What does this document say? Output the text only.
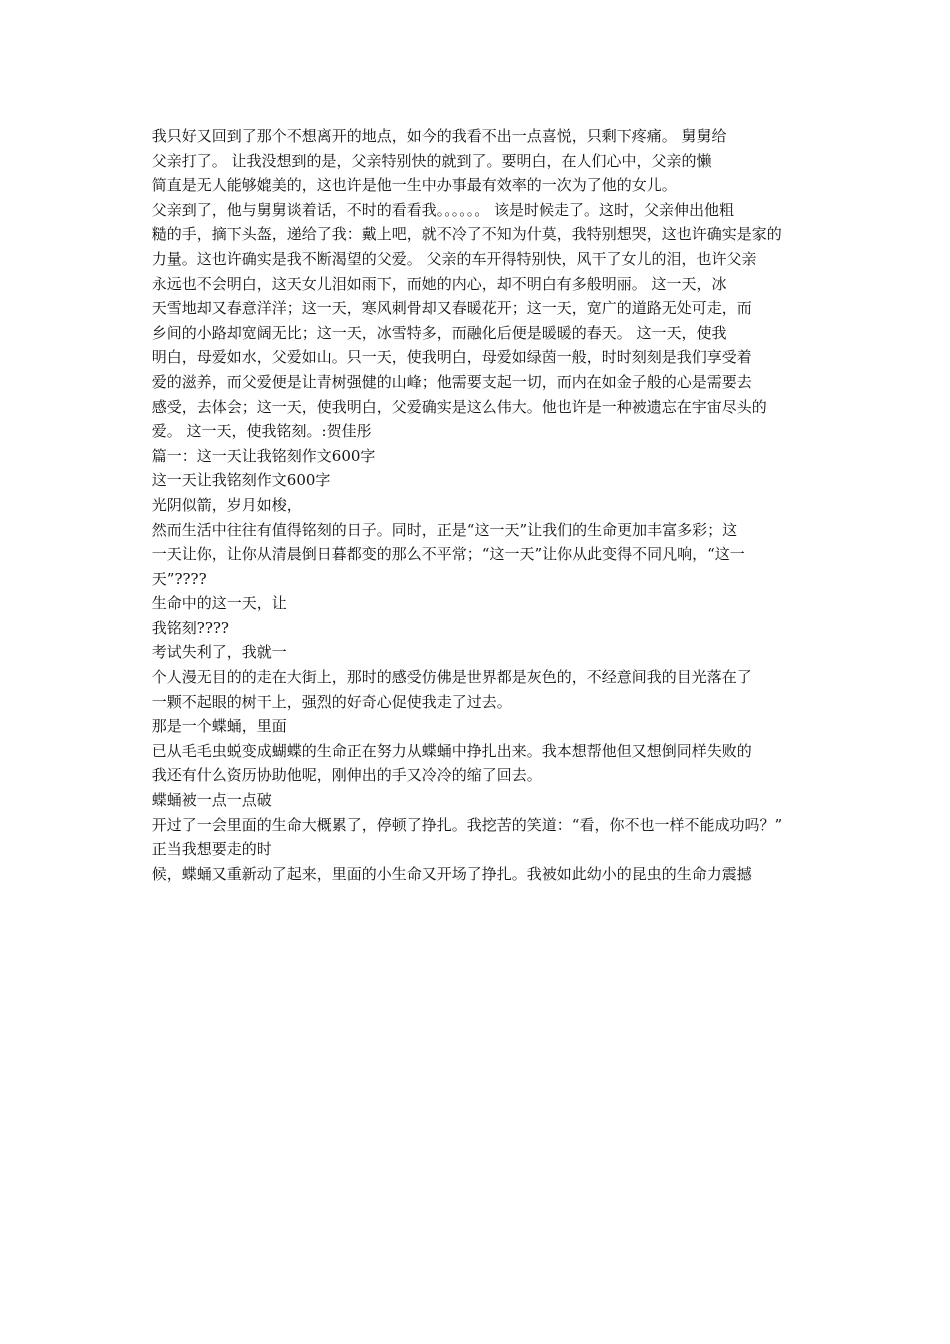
我只好又回到了那个不想离开的地点，如今的我看不出一点喜悦，只剩下疼痛。 舅舅给

父亲打了。 让我没想到的是，父亲特别快的就到了。要明白，在人们心中，父亲的懒

简直是无人能够媲美的，这也许是他一生中办事最有效率的一次为了他的女儿。

父亲到了，他与舅舅谈着话，不时的看看我。。。。。。 该是时候走了。这时，父亲伸出他粗

糙的手，摘下头盔，递给了我：戴上吧，就不冷了不知为什莫，我特别想哭，这也许确实是家的

力量。这也许确实是我不断渴望的父爱。 父亲的车开得特别快，风干了女儿的泪，也许父亲

永远也不会明白，这天女儿泪如雨下，而她的内心，却不明白有多般明丽。 这一天，冰

天雪地却又春意洋洋；这一天，寒风刺骨却又春暖花开；这一天，宽广的道路无处可走，而

乡间的小路却宽阔无比；这一天，冰雪特多，而融化后便是暖暖的春天。 这一天，使我

明白，母爱如水，父爱如山。只一天，使我明白，母爱如绿茵一般，时时刻刻是我们享受着

爱的滋养，而父爱便是让青树强健的山峰；他需要支起一切，而内在如金子般的心是需要去

感受，去体会；这一天，使我明白，父爱确实是这么伟大。他也许是一种被遗忘在宇宙尽头的

爱。 这一天，使我铭刻。:贺佳彤

篇一：这一天让我铭刻作文600字

这一天让我铭刻作文600字

光阴似箭，岁月如梭，

然而生活中往往有值得铭刻的日子。同时，正是“这一天”让我们的生命更加丰富多彩；这

一天让你，让你从清晨倒日暮都变的那么不平常；“这一天”让你从此变得不同凡响，“这一

天”????

生命中的这一天，让

我铭刻????

考试失利了，我就一

个人漫无目的的走在大街上，那时的感受仿佛是世界都是灰色的，不经意间我的目光落在了

一颗不起眼的树干上，强烈的好奇心促使我走了过去。

那是一个蝶蛹，里面

已从毛毛虫蜕变成蝴蝶的生命正在努力从蝶蛹中挣扎出来。我本想帮他但又想倒同样失败的

我还有什么资历协助他呢，刚伸出的手又冷冷的缩了回去。

蝶蛹被一点一点破

开过了一会里面的生命大概累了，停顿了挣扎。我挖苦的笑道：“看，你不也一样不能成功吗？”

正当我想要走的时

候，蝶蛹又重新动了起来，里面的小生命又开场了挣扎。我被如此幼小的昆虫的生命力震撼
